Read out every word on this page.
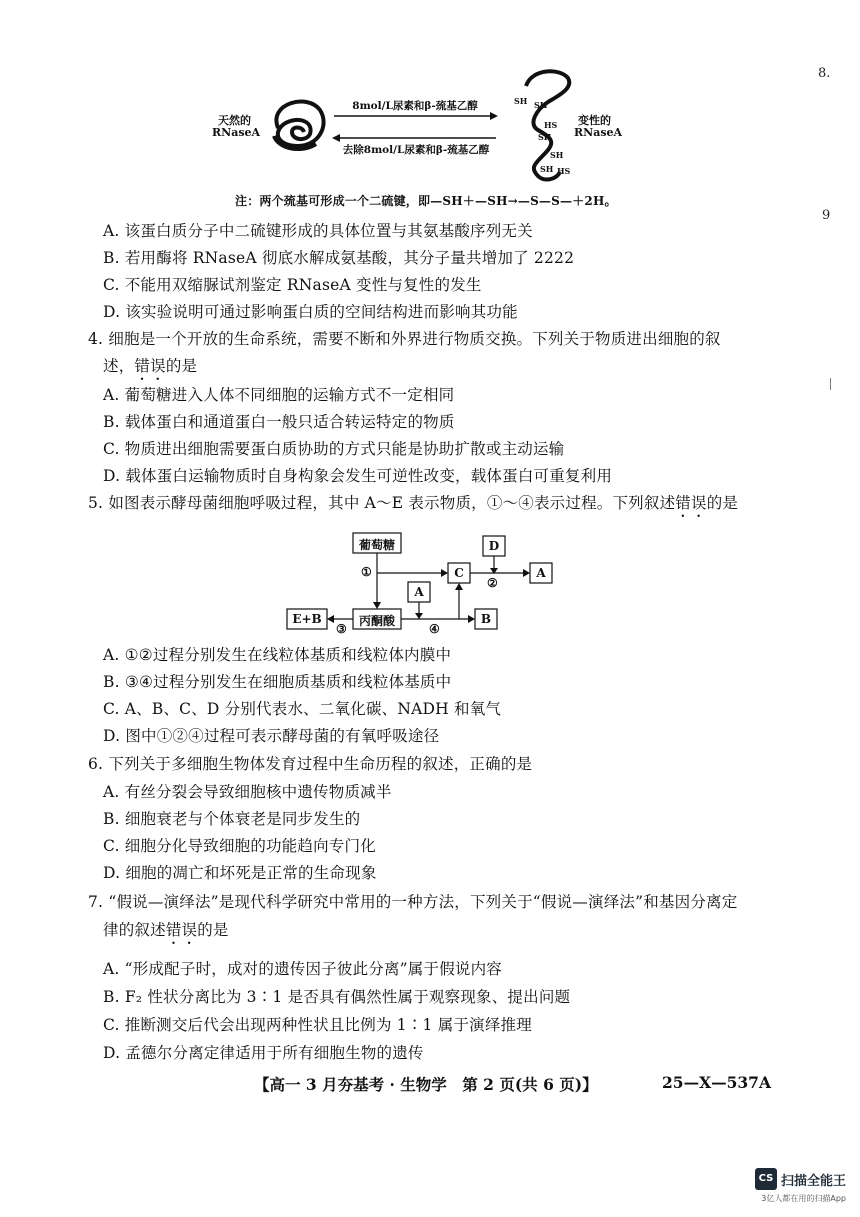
8.
9
天然的
RNaseA
8mol/L尿素和β-巯基乙醇
去除8mol/L尿素和β-巯基乙醇
SH SH
HS
SH
SH
SH HS
变性的
RNaseA
注：两个巯基可形成一个二硫键，即—SH＋—SH→—S—S—＋2H。
A. 该蛋白质分子中二硫键形成的具体位置与其氨基酸序列无关
B. 若用酶将 RNaseA 彻底水解成氨基酸，其分子量共增加了 2222
C. 不能用双缩脲试剂鉴定 RNaseA 变性与复性的发生
D. 该实验说明可通过影响蛋白质的空间结构进而影响其功能
4. 细胞是一个开放的生命系统，需要不断和外界进行物质交换。下列关于物质进出细胞的叙
述，错误的是
A. 葡萄糖进入人体不同细胞的运输方式不一定相同
B. 载体蛋白和通道蛋白一般只适合转运特定的物质
C. 物质进出细胞需要蛋白质协助的方式只能是协助扩散或主动运输
D. 载体蛋白运输物质时自身构象会发生可逆性改变，载体蛋白可重复利用
5. 如图表示酵母菌细胞呼吸过程，其中 A～E 表示物质，①～④表示过程。下列叙述错误的是
葡萄糖	D
C	A
A
E+B	丙酮酸	B
①
②
③	④
A. ①②过程分别发生在线粒体基质和线粒体内膜中
B. ③④过程分别发生在细胞质基质和线粒体基质中
C. A、B、C、D 分别代表水、二氧化碳、NADH 和氧气
D. 图中①②④过程可表示酵母菌的有氧呼吸途径
6. 下列关于多细胞生物体发育过程中生命历程的叙述，正确的是
A. 有丝分裂会导致细胞核中遗传物质减半
B. 细胞衰老与个体衰老是同步发生的
C. 细胞分化导致细胞的功能趋向专门化
D. 细胞的凋亡和坏死是正常的生命现象
7. “假说—演绎法”是现代科学研究中常用的一种方法，下列关于“假说—演绎法”和基因分离定
律的叙述错误的是
A. “形成配子时，成对的遗传因子彼此分离”属于假说内容
B. F₂ 性状分离比为 3∶1 是否具有偶然性属于观察现象、提出问题
C. 推断测交后代会出现两种性状且比例为 1∶1 属于演绎推理
D. 孟德尔分离定律适用于所有细胞生物的遗传
【高一 3 月夯基考 · 生物学　第 2 页(共 6 页)】	25—X—537A
CS 扫描全能王
3亿人都在用的扫描App
